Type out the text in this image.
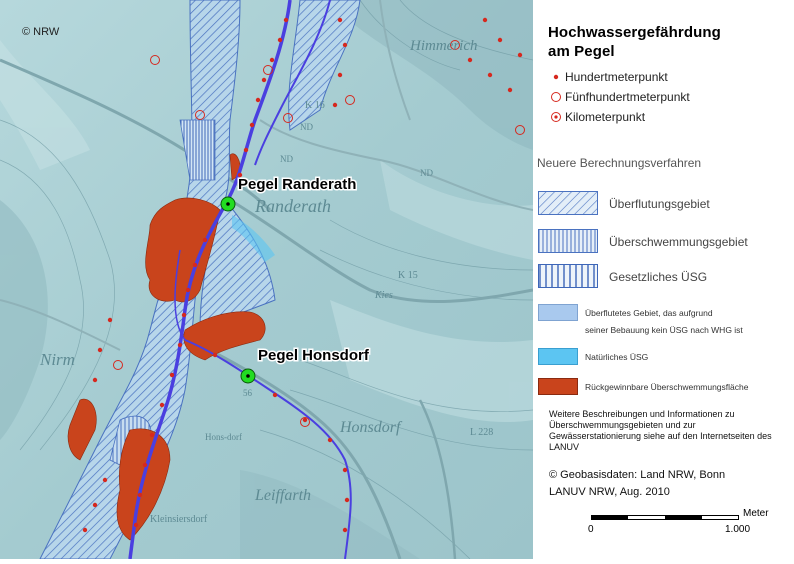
Himmerich
Randerath
Kies
Nirm
Hons-dorf
Honsdorf
Leiffarth
Kleinsiersdorf
K 16
K 15
L 228
ND
ND
ND
56
© NRW
Pegel Randerath
Pegel Honsdorf
Hochwassergefährdung
am Pegel
Hundertmeterpunkt
Fünfhundertmeterpunkt
Kilometerpunkt
Neuere Berechnungsverfahren
Überflutungsgebiet
Überschwemmungsgebiet
Gesetzliches ÜSG
Überflutetes Gebiet, das aufgrund
seiner Bebauung kein ÜSG nach WHG ist
Natürliches ÜSG
Rückgewinnbare Überschwemmungsfläche
Weitere Beschreibungen und Informationen zu Überschwemmungsgebieten und zur Gewässerstationierung siehe auf den Internetseiten des LANUV
© Geobasisdaten: Land NRW, Bonn
LANUV NRW, Aug. 2010
Meter
0	1.000
